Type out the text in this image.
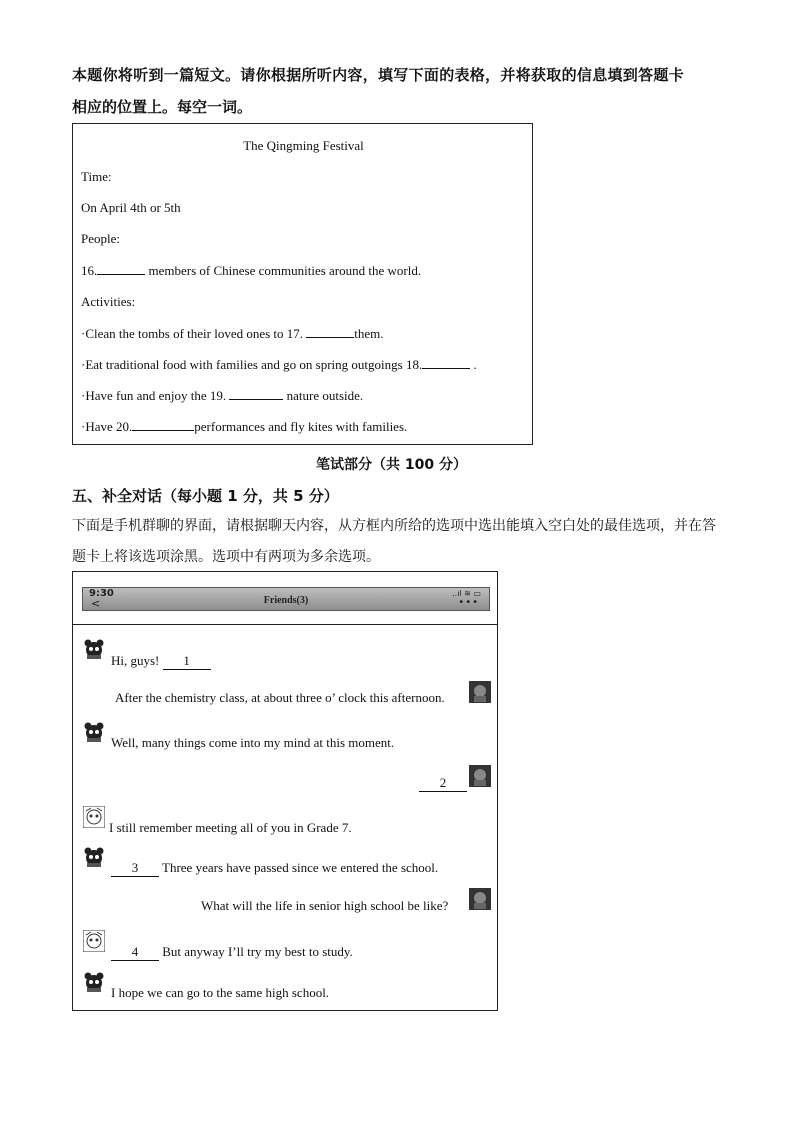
本题你将听到一篇短文。请你根据所听内容，填写下面的表格，并将获取的信息填到答题卡
相应的位置上。每空一词。
The Qingming Festival
Time:
On April 4th or 5th
People:
16.	members of Chinese communities around the world.
Activities:
·Clean the tombs of their loved ones to 17.	them.
·Eat traditional food with families and go on spring outgoings 18.	.
·Have fun and enjoy the 19.	nature outside.
·Have 20.	performances and fly kites with families.
笔试部分（共 100 分）
五、补全对话（每小题 1 分，共 5 分）
下面是手机群聊的界面，请根据聊天内容，从方框内所给的选项中选出能填入空白处的最佳选项，并在答
题卡上将该选项涂黑。选项中有两项为多余选项。
9:30
<	Friends(3)
..ıl ≋ ▭
•••
Hi, guys! 1
After the chemistry class, at about three o’ clock this afternoon.
Well, many things come into my mind at this moment.
2
I still remember meeting all of you in Grade 7.
3 Three years have passed since we entered the school.
What will the life in senior high school be like?
4 But anyway I’ll try my best to study.
I hope we can go to the same high school.
